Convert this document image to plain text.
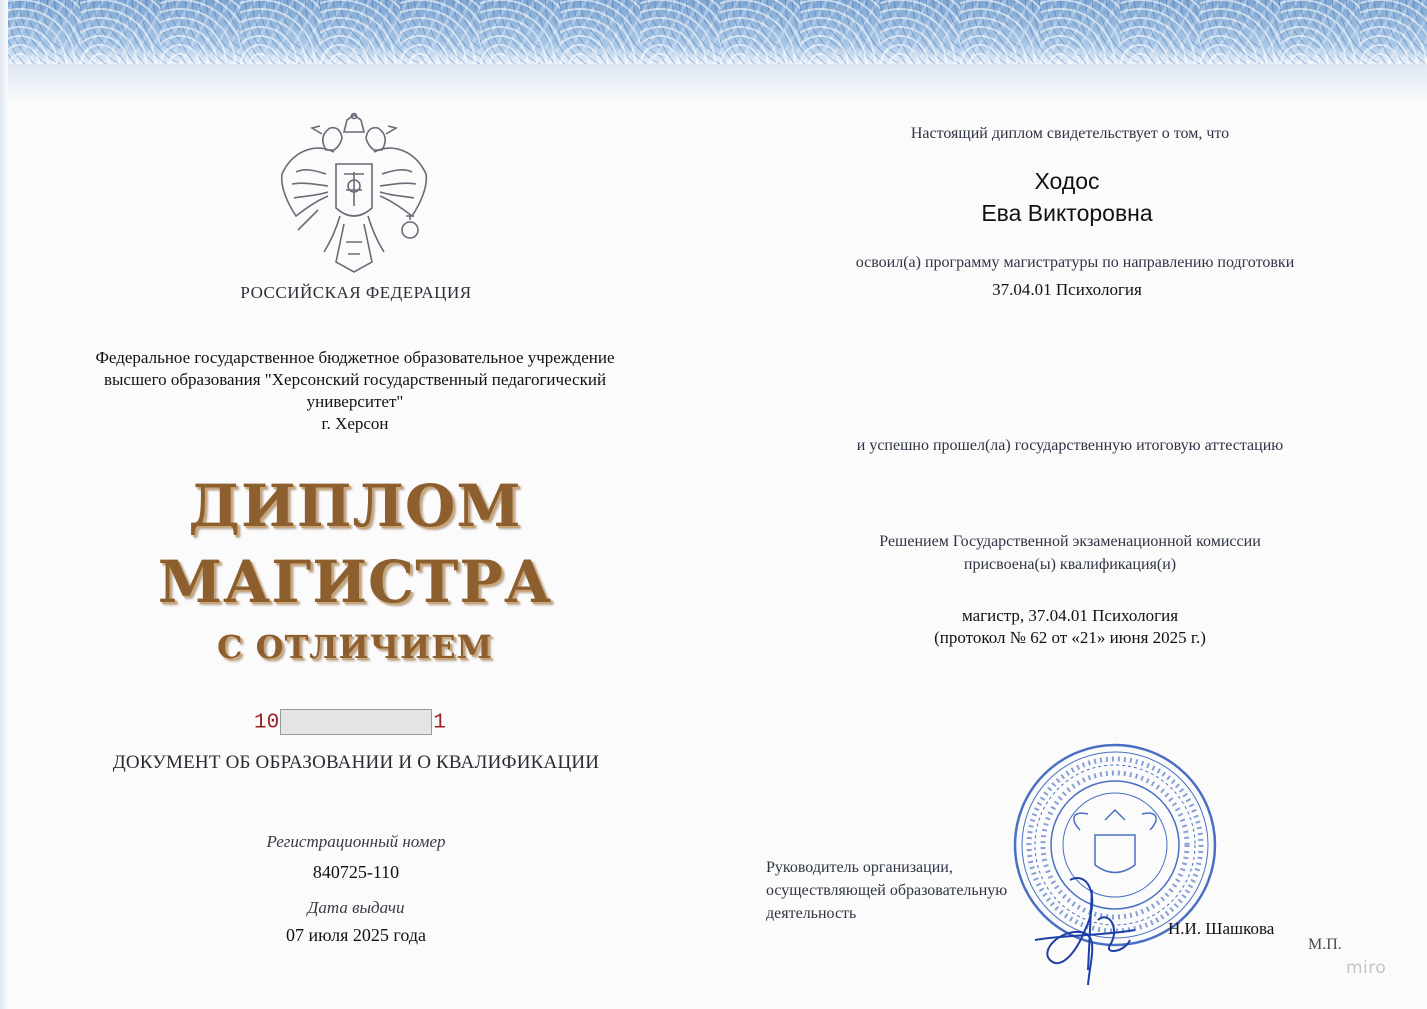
РОССИЙСКАЯ ФЕДЕРАЦИЯ
Федеральное государственное бюджетное образовательное учреждение
высшего образования "Херсонский государственный педагогический
университет"
г. Херсон
ДИПЛОМ
МАГИСТРА
С ОТЛИЧИЕМ
10	1
ДОКУМЕНТ ОБ ОБРАЗОВАНИИ И О КВАЛИФИКАЦИИ
Регистрационный номер
840725-110
Дата выдачи
07 июля 2025 года
Настоящий диплом свидетельствует о том, что
Ходос
Ева Викторовна
освоил(а) программу магистратуры по направлению подготовки
37.04.01 Психология
и успешно прошел(ла) государственную итоговую аттестацию
Решением Государственной экзаменационной комиссии
присвоена(ы) квалификация(и)
магистр, 37.04.01 Психология
(протокол № 62 от «21» июня 2025 г.)
Руководитель организации,
осуществляющей образовательную
деятельность
Н.И. Шашкова
М.П.
miro
